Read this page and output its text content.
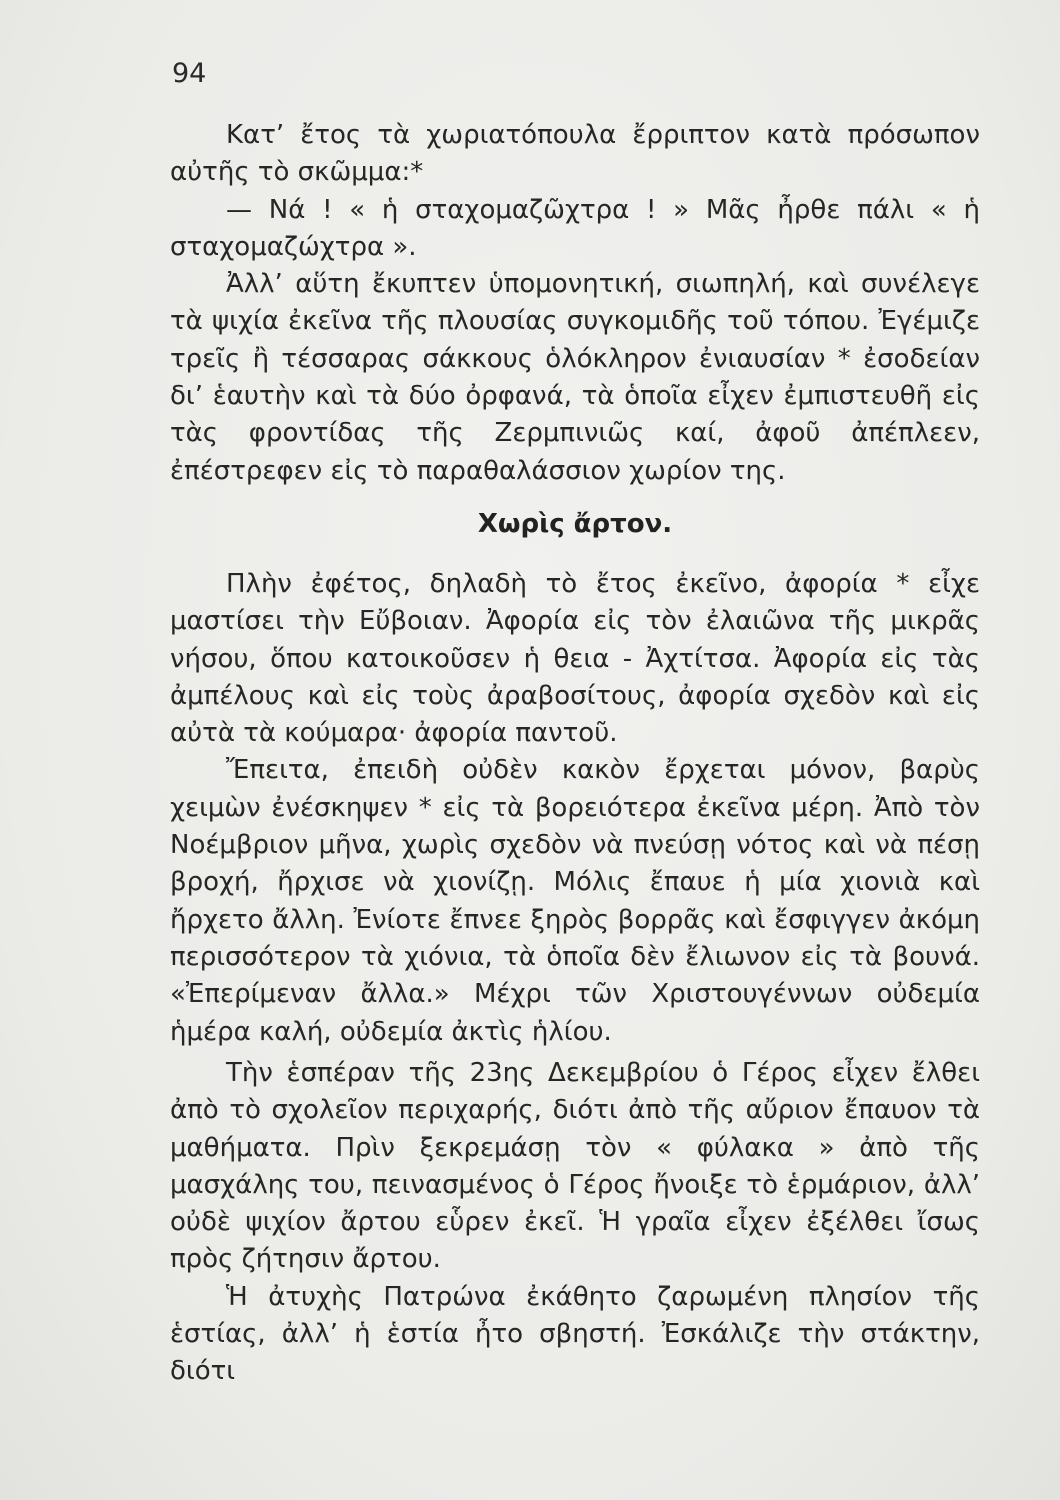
94

Κατ’ ἔτος τὰ χωριατόπουλα ἔρριπτον κατὰ πρόσωπον αὐτῆς τὸ σκῶμμα:*

— Νά ! « ἡ σταχομαζῶχτρα ! » Μᾶς ἦρθε πάλι « ἡ σταχομαζώχτρα ».

Ἀλλ’ αὕτη ἔκυπτεν ὑπομονητική, σιωπηλή, καὶ συνέλεγε τὰ ψιχία ἐκεῖνα τῆς πλουσίας συγκομιδῆς τοῦ τόπου. Ἐγέμιζε τρεῖς ἢ τέσσαρας σάκκους ὁλόκληρον ἐνιαυσίαν * ἐσοδείαν δι’ ἑαυτὴν καὶ τὰ δύο ὀρφανά, τὰ ὁποῖα εἶχεν ἐμπιστευθῆ εἰς τὰς φροντίδας τῆς Ζερμπινιῶς καί, ἀφοῦ ἀπέπλεεν, ἐπέστρεφεν εἰς τὸ παραθαλάσσιον χωρίον της.

Χωρὶς ἄρτον.

Πλὴν ἐφέτος, δηλαδὴ τὸ ἔτος ἐκεῖνο, ἀφορία * εἶχε μαστίσει τὴν Εὔβοιαν. Ἀφορία εἰς τὸν ἐλαιῶνα τῆς μικρᾶς νήσου, ὅπου κατοικοῦσεν ἡ θεια - Ἀχτίτσα. Ἀφορία εἰς τὰς ἀμπέλους καὶ εἰς τοὺς ἀραβοσίτους, ἀφορία σχεδὸν καὶ εἰς αὐτὰ τὰ κούμαρα· ἀφορία παντοῦ.

Ἔπειτα, ἐπειδὴ οὐδὲν κακὸν ἔρχεται μόνον, βαρὺς χειμὼν ἐνέσκηψεν * εἰς τὰ βορειότερα ἐκεῖνα μέρη. Ἀπὸ τὸν Νοέμβριον μῆνα, χωρὶς σχεδὸν νὰ πνεύσῃ νότος καὶ νὰ πέσῃ βροχή, ἤρχισε νὰ χιονίζῃ. Μόλις ἔπαυε ἡ μία χιονιὰ καὶ ἤρχετο ἄλλη. Ἐνίοτε ἔπνεε ξηρὸς βορρᾶς καὶ ἔσφιγγεν ἀκόμη περισσότερον τὰ χιόνια, τὰ ὁποῖα δὲν ἔλιωνον εἰς τὰ βουνά. «Ἐπερίμεναν ἄλλα.» Μέχρι τῶν Χριστουγέννων οὐδεμία ἡμέρα καλή, οὐδεμία ἀκτὶς ἡλίου.

Τὴν ἑσπέραν τῆς 23ης Δεκεμβρίου ὁ Γέρος εἶχεν ἔλθει ἀπὸ τὸ σχολεῖον περιχαρής, διότι ἀπὸ τῆς αὔριον ἔπαυον τὰ μαθήματα. Πρὶν ξεκρεμάσῃ τὸν « φύλακα » ἀπὸ τῆς μασχάλης του, πεινασμένος ὁ Γέρος ἤνοιξε τὸ ἑρμάριον, ἀλλ’ οὐδὲ ψιχίον ἄρτου εὗρεν ἐκεῖ. Ἡ γραῖα εἶχεν ἐξέλθει ἴσως πρὸς ζήτησιν ἄρτου.

Ἡ ἀτυχὴς Πατρώνα ἐκάθητο ζαρωμένη πλησίον τῆς ἑστίας, ἀλλ’ ἡ ἑστία ἦτο σβηστή. Ἐσκάλιζε τὴν στάκτην, διότι
